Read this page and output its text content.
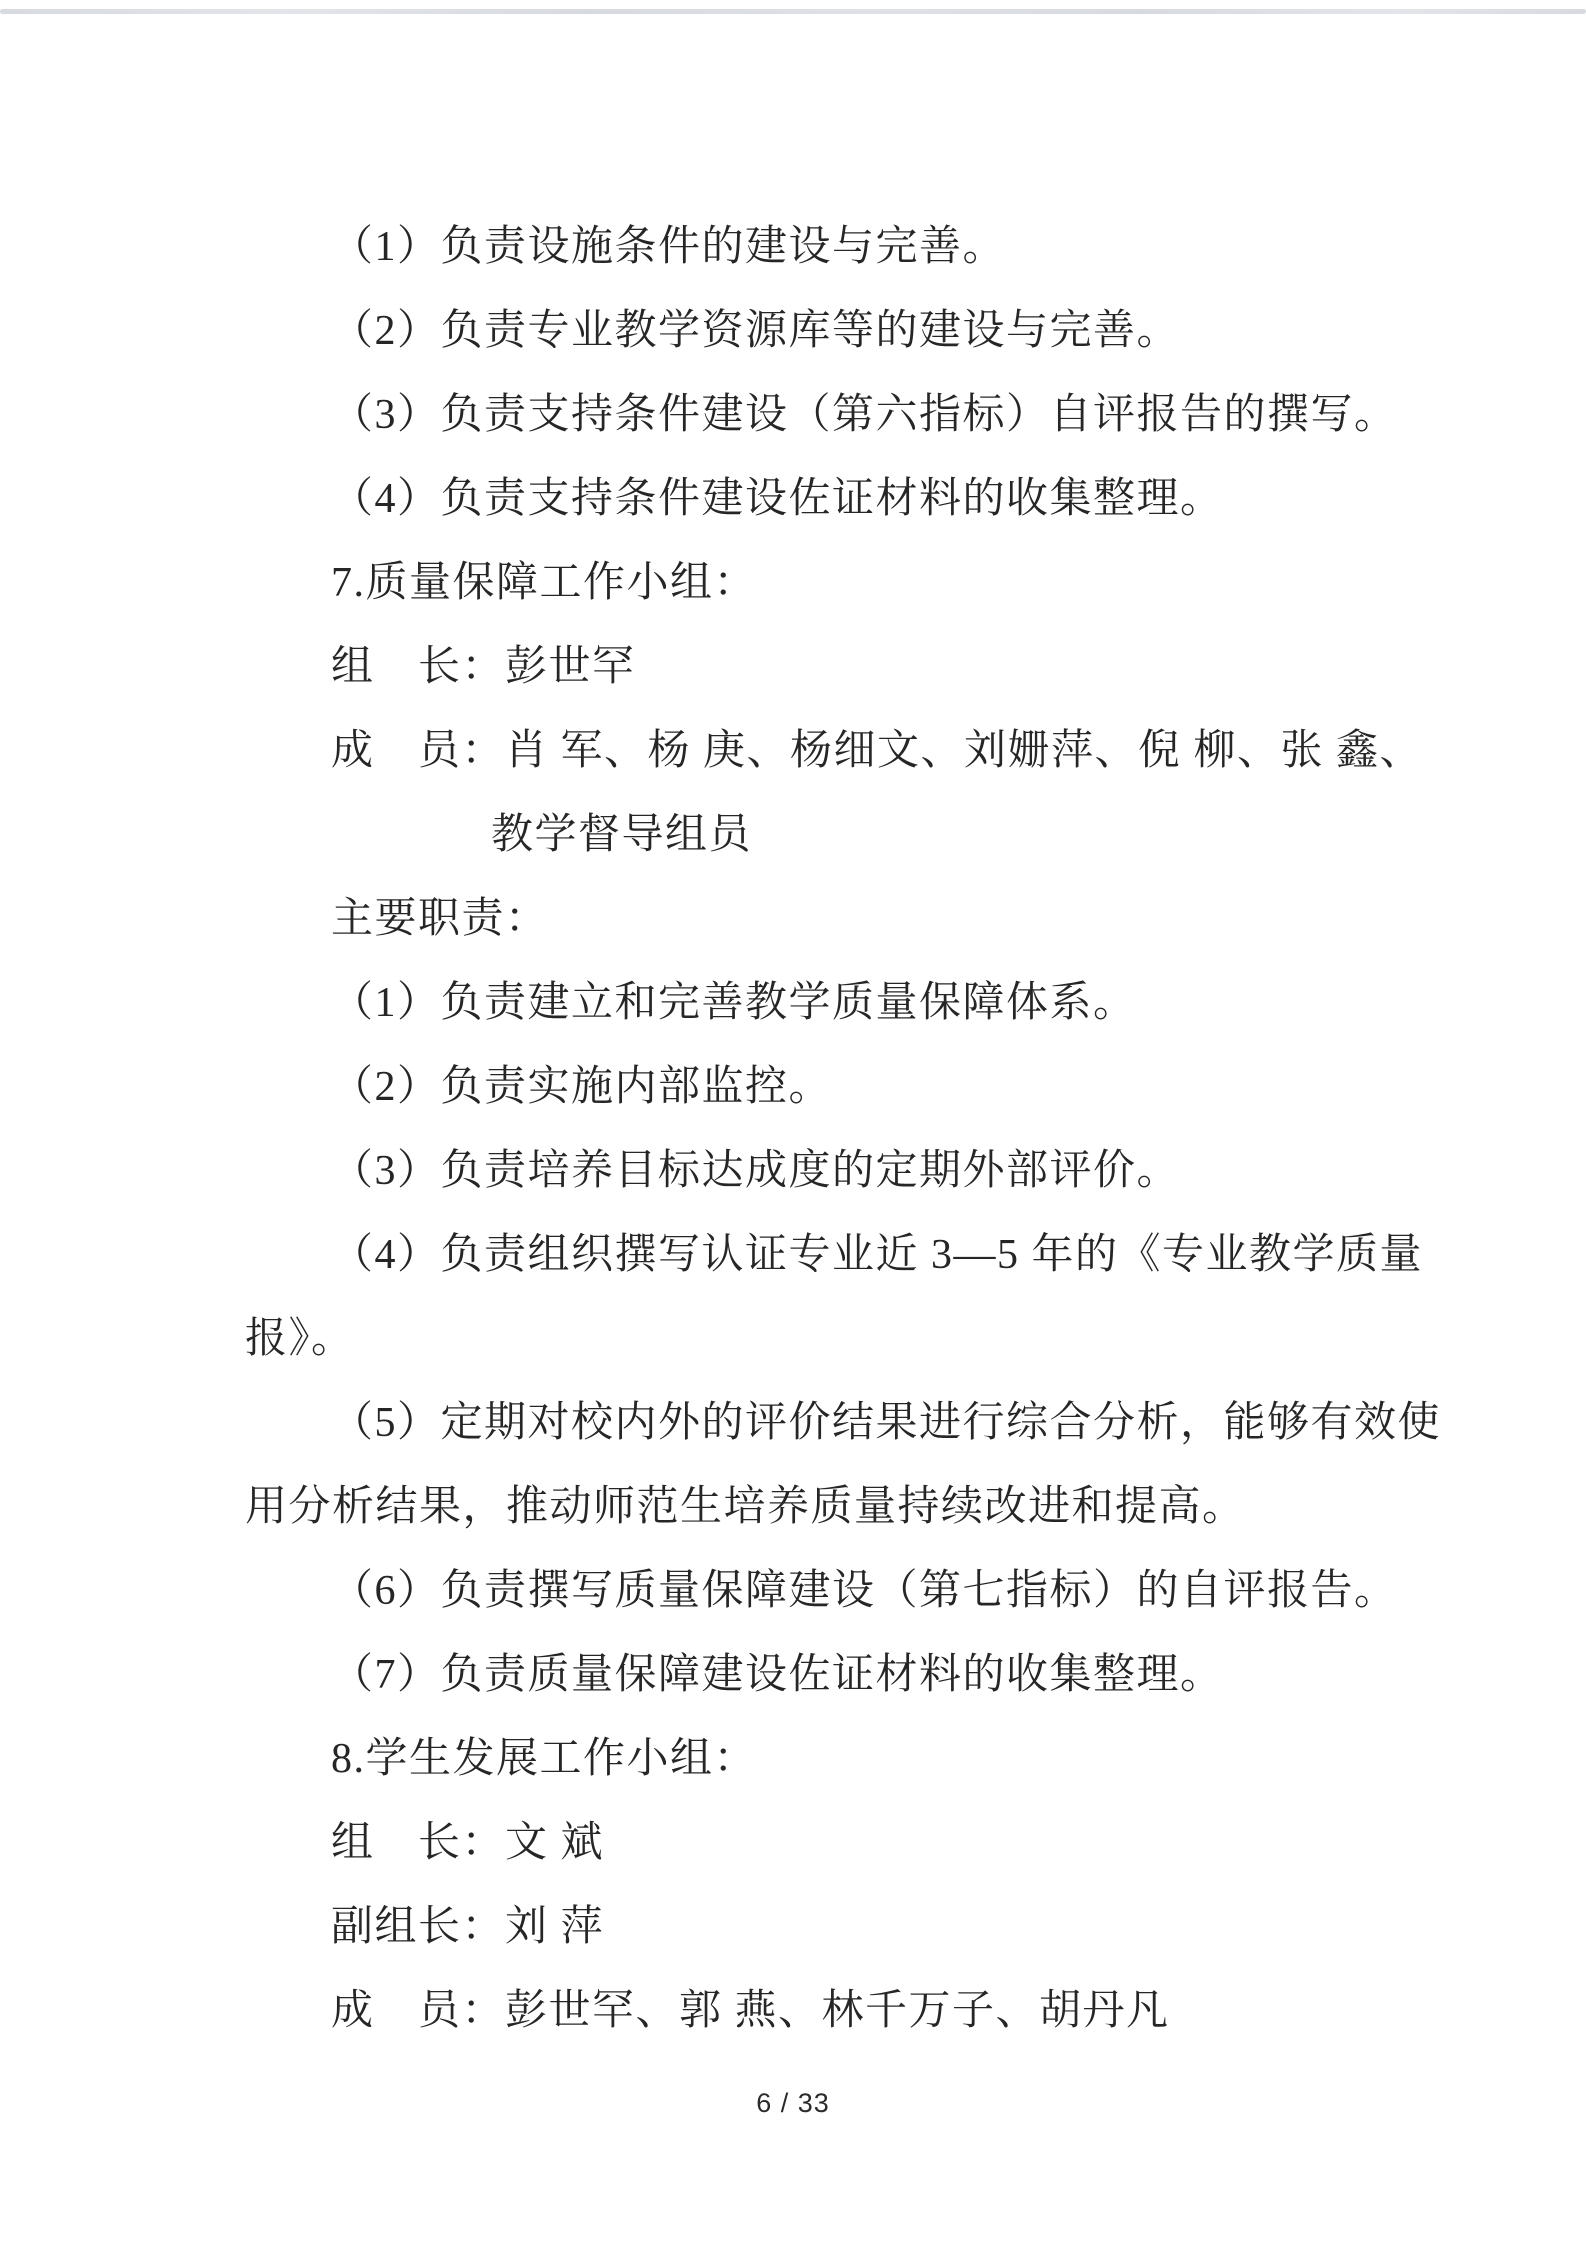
（1）负责设施条件的建设与完善。
（2）负责专业教学资源库等的建设与完善。
（3）负责支持条件建设（第六指标）自评报告的撰写。
（4）负责支持条件建设佐证材料的收集整理。
7.质量保障工作小组：
组　长：彭世罕
成　员：肖 军、杨 庚、杨细文、刘姗萍、倪 柳、张 鑫、
教学督导组员
主要职责：
（1）负责建立和完善教学质量保障体系。
（2）负责实施内部监控。
（3）负责培养目标达成度的定期外部评价。
（4）负责组织撰写认证专业近 3—5 年的《专业教学质量
报》。
（5）定期对校内外的评价结果进行综合分析，能够有效使
用分析结果，推动师范生培养质量持续改进和提高。
（6）负责撰写质量保障建设（第七指标）的自评报告。
（7）负责质量保障建设佐证材料的收集整理。
8.学生发展工作小组：
组　长：文 斌
副组长：刘 萍
成　员：彭世罕、郭 燕、林千万子、胡丹凡
6 / 33
